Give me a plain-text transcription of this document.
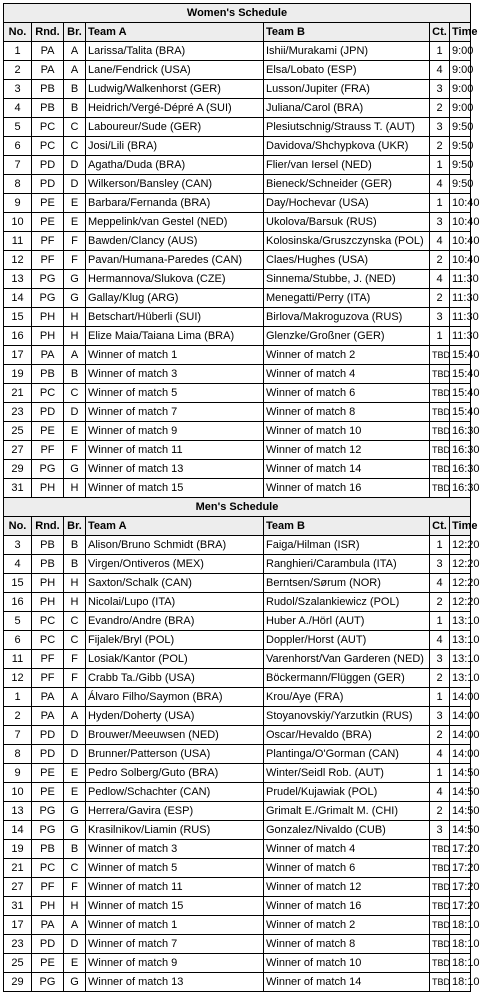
Women's Schedule						
No.	Rnd.	Br.	Team A	Team B	Ct.	Time
1	PA	A	Larissa/Talita (BRA)	Ishii/Murakami (JPN)	1	9:00
2	PA	A	Lane/Fendrick (USA)	Elsa/Lobato (ESP)	4	9:00
3	PB	B	Ludwig/Walkenhorst (GER)	Lusson/Jupiter (FRA)	3	9:00
4	PB	B	Heidrich/Vergé-Dépré A (SUI)	Juliana/Carol (BRA)	2	9:00
5	PC	C	Laboureur/Sude (GER)	Plesiutschnig/Strauss T. (AUT)	3	9:50
6	PC	C	Josi/Lili (BRA)	Davidova/Shchypkova (UKR)	2	9:50
7	PD	D	Agatha/Duda (BRA)	Flier/van Iersel (NED)	1	9:50
8	PD	D	Wilkerson/Bansley (CAN)	Bieneck/Schneider (GER)	4	9:50
9	PE	E	Barbara/Fernanda (BRA)	Day/Hochevar (USA)	1	10:40
10	PE	E	Meppelink/van Gestel (NED)	Ukolova/Barsuk (RUS)	3	10:40
11	PF	F	Bawden/Clancy (AUS)	Kolosinska/Gruszczynska (POL)	4	10:40
12	PF	F	Pavan/Humana-Paredes (CAN)	Claes/Hughes (USA)	2	10:40
13	PG	G	Hermannova/Slukova (CZE)	Sinnema/Stubbe, J. (NED)	4	11:30
14	PG	G	Gallay/Klug (ARG)	Menegatti/Perry (ITA)	2	11:30
15	PH	H	Betschart/Hüberli (SUI)	Birlova/Makroguzova (RUS)	3	11:30
16	PH	H	Elize Maia/Taiana Lima (BRA)	Glenzke/Großner (GER)	1	11:30
17	PA	A	Winner of match 1	Winner of match 2	TBD	15:40
19	PB	B	Winner of match 3	Winner of match 4	TBD	15:40
21	PC	C	Winner of match 5	Winner of match 6	TBD	15:40
23	PD	D	Winner of match 7	Winner of match 8	TBD	15:40
25	PE	E	Winner of match 9	Winner of match 10	TBD	16:30
27	PF	F	Winner of match 11	Winner of match 12	TBD	16:30
29	PG	G	Winner of match 13	Winner of match 14	TBD	16:30
31	PH	H	Winner of match 15	Winner of match 16	TBD	16:30
Men's Schedule						
No.	Rnd.	Br.	Team A	Team B	Ct.	Time
3	PB	B	Alison/Bruno Schmidt (BRA)	Faiga/Hilman (ISR)	1	12:20
4	PB	B	Virgen/Ontiveros (MEX)	Ranghieri/Carambula (ITA)	3	12:20
15	PH	H	Saxton/Schalk (CAN)	Berntsen/Sørum (NOR)	4	12:20
16	PH	H	Nicolai/Lupo (ITA)	Rudol/Szalankiewicz (POL)	2	12:20
5	PC	C	Evandro/Andre (BRA)	Huber A./Hörl (AUT)	1	13:10
6	PC	C	Fijalek/Bryl (POL)	Doppler/Horst (AUT)	4	13:10
11	PF	F	Losiak/Kantor (POL)	Varenhorst/Van Garderen (NED)	3	13:10
12	PF	F	Crabb Ta./Gibb (USA)	Böckermann/Flüggen (GER)	2	13:10
1	PA	A	Álvaro Filho/Saymon (BRA)	Krou/Aye (FRA)	1	14:00
2	PA	A	Hyden/Doherty (USA)	Stoyanovskiy/Yarzutkin (RUS)	3	14:00
7	PD	D	Brouwer/Meeuwsen (NED)	Oscar/Hevaldo (BRA)	2	14:00
8	PD	D	Brunner/Patterson (USA)	Plantinga/O'Gorman (CAN)	4	14:00
9	PE	E	Pedro Solberg/Guto (BRA)	Winter/Seidl Rob. (AUT)	1	14:50
10	PE	E	Pedlow/Schachter (CAN)	Prudel/Kujawiak (POL)	4	14:50
13	PG	G	Herrera/Gavira (ESP)	Grimalt E./Grimalt M. (CHI)	2	14:50
14	PG	G	Krasilnikov/Liamin (RUS)	Gonzalez/Nivaldo (CUB)	3	14:50
19	PB	B	Winner of match 3	Winner of match 4	TBD	17:20
21	PC	C	Winner of match 5	Winner of match 6	TBD	17:20
27	PF	F	Winner of match 11	Winner of match 12	TBD	17:20
31	PH	H	Winner of match 15	Winner of match 16	TBD	17:20
17	PA	A	Winner of match 1	Winner of match 2	TBD	18:10
23	PD	D	Winner of match 7	Winner of match 8	TBD	18:10
25	PE	E	Winner of match 9	Winner of match 10	TBD	18:10
29	PG	G	Winner of match 13	Winner of match 14	TBD	18:10
